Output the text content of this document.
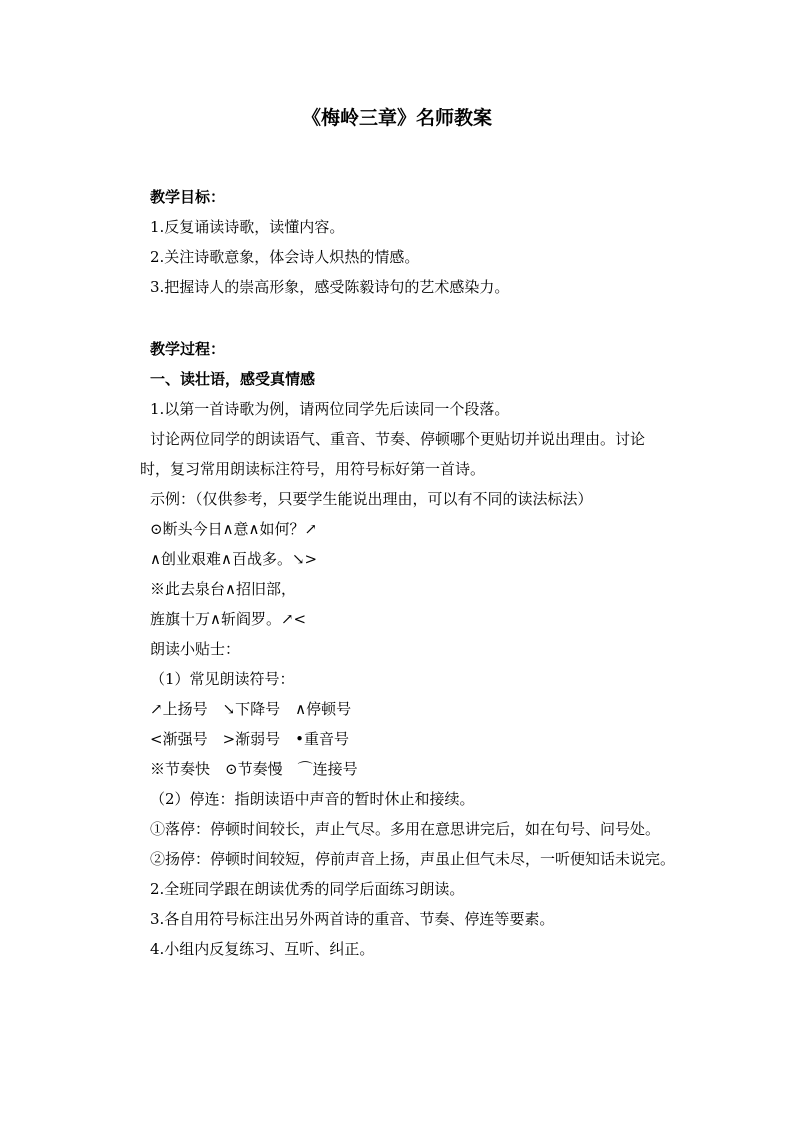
《梅岭三章》名师教案

教学目标：

1.反复诵读诗歌，读懂内容。

2.关注诗歌意象，体会诗人炽热的情感。

3.把握诗人的崇高形象，感受陈毅诗句的艺术感染力。

教学过程：

一、读壮语，感受真情感

1.以第一首诗歌为例，请两位同学先后读同一个段落。

讨论两位同学的朗读语气、重音、节奏、停顿哪个更贴切并说出理由。讨论时，复习常用朗读标注符号，用符号标好第一首诗。

示例：（仅供参考，只要学生能说出理由，可以有不同的读法标法）

⊙断头今日∧意∧如何？↗

∧创业艰难∧百战多。↘>

※此去泉台∧招旧部，

旌旗十万∧斩阎罗。↗<

朗读小贴士：

（1）常见朗读符号：

↗上扬号　↘下降号　∧停顿号

<渐强号　>渐弱号　•重音号

※节奏快　⊙节奏慢　⌒连接号

（2）停连：指朗读语中声音的暂时休止和接续。

①落停：停顿时间较长，声止气尽。多用在意思讲完后，如在句号、问号处。

②扬停：停顿时间较短，停前声音上扬，声虽止但气未尽，一听便知话未说完。

2.全班同学跟在朗读优秀的同学后面练习朗读。

3.各自用符号标注出另外两首诗的重音、节奏、停连等要素。

4.小组内反复练习、互听、纠正。
